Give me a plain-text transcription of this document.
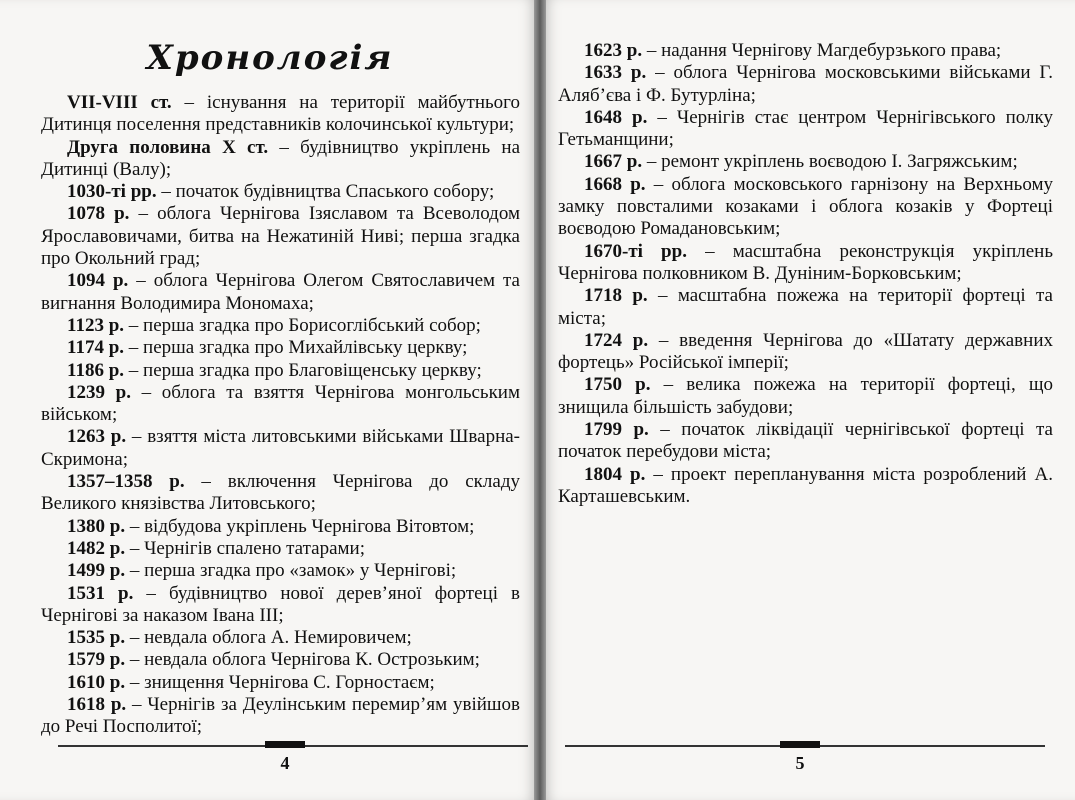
Хронологія

VII-VIII ст. – існування на території майбутнього Дитинця поселення представників колочинської культури;

Друга половина Х ст. – будівництво укріплень на Дитинці (Валу);

1030-ті рр. – початок будівництва Спаського собору;

1078 р. – облога Чернігова Ізяславом та Всеволодом Ярославовичами, битва на Нежатиній Ниві; перша згадка про Окольний град;

1094 р. – облога Чернігова Олегом Святославичем та вигнання Володимира Мономаха;

1123 р. – перша згадка про Борисоглібський собор;

1174 р. – перша згадка про Михайлівську церкву;

1186 р. – перша згадка про Благовіщенську церкву;

1239 р. – облога та взяття Чернігова монгольським військом;

1263 р. – взяття міста литовськими військами Шварна-Скримона;

1357–1358 р. – включення Чернігова до складу Великого князівства Литовського;

1380 р. – відбудова укріплень Чернігова Вітовтом;

1482 р. – Чернігів спалено татарами;

1499 р. – перша згадка про «замок» у Чернігові;

1531 р. – будівництво нової дерев’яної фортеці в Чернігові за наказом Івана ІІІ;

1535 р. – невдала облога А. Немировичем;

1579 р. – невдала облога Чернігова К. Острозьким;

1610 р. – знищення Чернігова С. Горностаєм;

1618 р. – Чернігів за Деулінським перемир’ям увійшов до Речі Посполитої;

4

1623 р. – надання Чернігову Магдебурзького права;

1633 р. – облога Чернігова московськими військами Г. Аляб’єва і Ф. Бутурліна;

1648 р. – Чернігів стає центром Чернігівського полку Гетьманщини;

1667 р. – ремонт укріплень воєводою І. Загряжським;

1668 р. – облога московського гарнізону на Верхньому замку повсталими козаками і облога козаків у Фортеці воєводою Ромадановським;

1670-ті рр. – масштабна реконструкція укріплень Чернігова полковником В. Дуніним-Борковським;

1718 р. – масштабна пожежа на території фортеці та міста;

1724 р. – введення Чернігова до «Шатату державних фортець» Російської імперії;

1750 р. – велика пожежа на території фортеці, що знищила більшість забудови;

1799 р. – початок ліквідації чернігівської фортеці та початок перебудови міста;

1804 р. – проект перепланування міста розроблений А. Карташевським.

5
